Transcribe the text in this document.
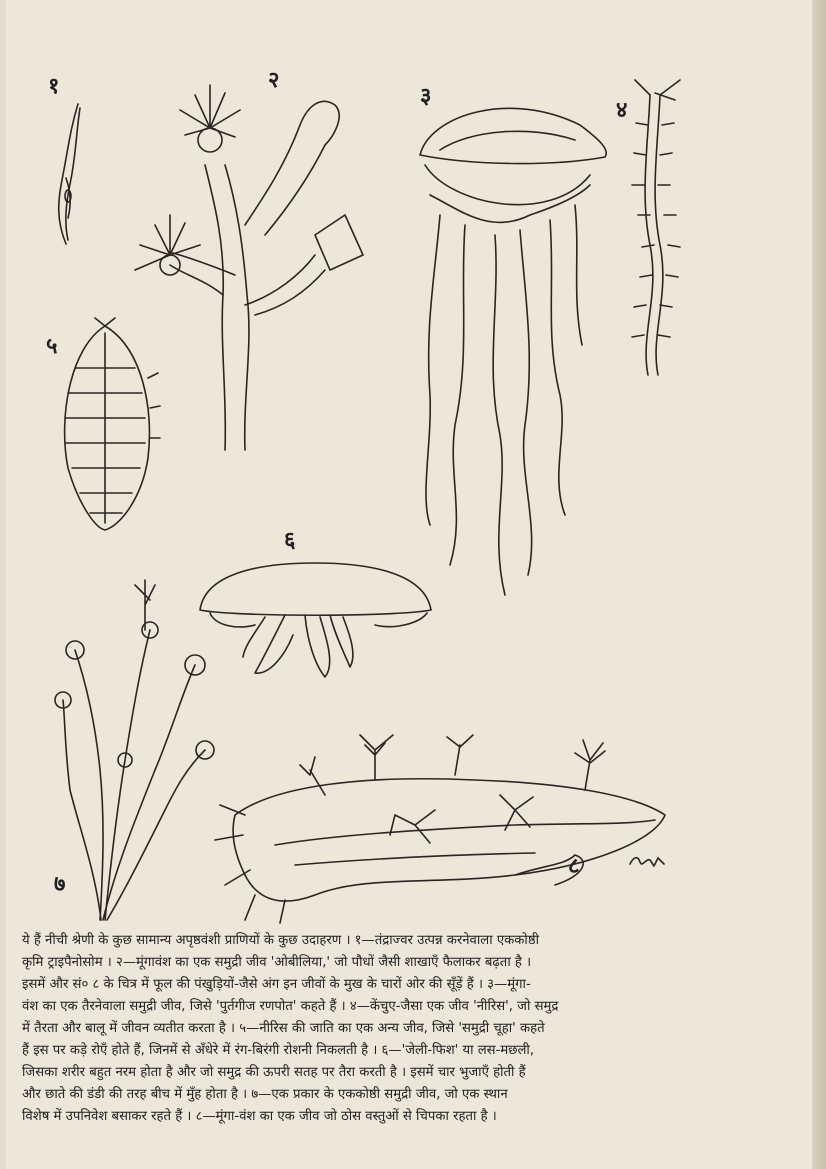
१	२
३
४
५
६
७
८
ये हैं नीची श्रेणी के कुछ सामान्य अपृष्ठवंशी प्राणियों के कुछ उदाहरण । १—तंद्राज्वर उत्पन्न करनेवाला एककोष्ठी
कृमि ट्राइपैनोसोम । २—मूंगावंश का एक समुद्री जीव 'ओबीलिया,' जो पौधों जैसी शाखाएँ फैलाकर बढ़ता है ।
इसमें और सं० ८ के चित्र में फूल की पंखुड़ियों-जैसे अंग इन जीवों के मुख के चारों ओर की सूँड़ें हैं । ३—मूंगा-
वंश का एक तैरनेवाला समुद्री जीव, जिसे 'पुर्तगीज रणपोत' कहते हैं । ४—केंचुए-जैसा एक जीव 'नीरिस', जो समुद्र
में तैरता और बालू में जीवन व्यतीत करता है । ५—नीरिस की जाति का एक अन्य जीव, जिसे 'समुद्री चूहा' कहते
हैं इस पर कड़े रोएँ होते हैं, जिनमें से अँधेरे में रंग-बिरंगी रोशनी निकलती है । ६—'जेली-फिश' या लस-मछली,
जिसका शरीर बहुत नरम होता है और जो समुद्र की ऊपरी सतह पर तैरा करती है । इसमें चार भुजाएँ होती हैं
और छाते की डंडी की तरह बीच में मुँह होता है । ७—एक प्रकार के एककोष्ठी समुद्री जीव, जो एक स्थान
विशेष में उपनिवेश बसाकर रहते हैं । ८—मूंगा-वंश का एक जीव जो ठोस वस्तुओं से चिपका रहता है ।
